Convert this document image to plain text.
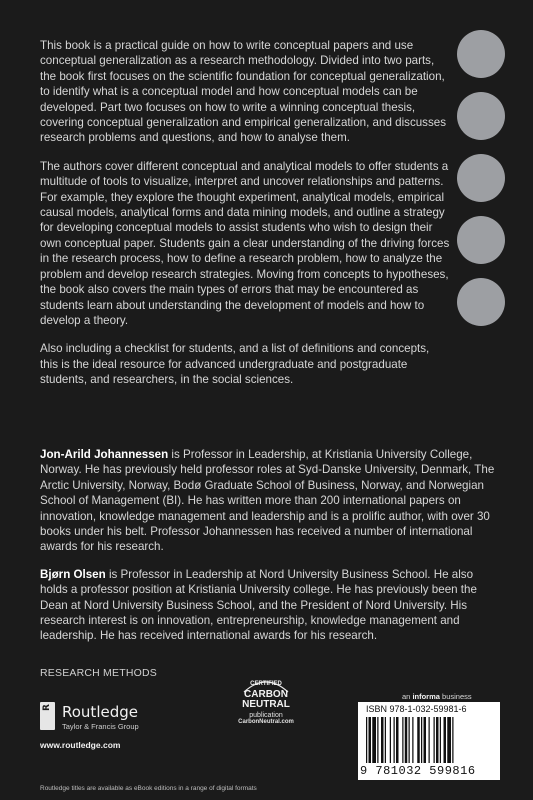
This book is a practical guide on how to write conceptual papers and use conceptual generalization as a research methodology. Divided into two parts, the book first focuses on the scientific foundation for conceptual generalization, to identify what is a conceptual model and how conceptual models can be developed. Part two focuses on how to write a winning conceptual thesis, covering conceptual generalization and empirical generalization, and discusses research problems and questions, and how to analyse them.

The authors cover different conceptual and analytical models to offer students a multitude of tools to visualize, interpret and uncover relationships and patterns. For example, they explore the thought experiment, analytical models, empirical causal models, analytical forms and data mining models, and outline a strategy for developing conceptual models to assist students who wish to design their own conceptual paper. Students gain a clear understanding of the driving forces in the research process, how to define a research problem, how to analyze the problem and develop research strategies. Moving from concepts to hypotheses, the book also covers the main types of errors that may be encountered as students learn about understanding the development of models and how to develop a theory.

Also including a checklist for students, and a list of definitions and concepts, this is the ideal resource for advanced undergraduate and postgraduate students, and researchers, in the social sciences.

Jon-Arild Johannessen is Professor in Leadership, at Kristiania University College, Norway. He has previously held professor roles at Syd-Danske University, Denmark, The Arctic University, Norway, Bodø Graduate School of Business, Norway, and Norwegian School of Management (BI). He has written more than 200 international papers on innovation, knowledge management and leadership and is a prolific author, with over 30 books under his belt. Professor Johannessen has received a number of international awards for his research.

Bjørn Olsen is Professor in Leadership at Nord University Business School. He also holds a professor position at Kristiania University college. He has previously been the Dean at Nord University Business School, and the President of Nord University. His research interest is on innovation, entrepreneurship, knowledge management and leadership. He has received international awards for his research.

RESEARCH METHODS
R Routledge
Taylor & Francis Group
www.routledge.com
CERTIFIED
CARBON
NEUTRAL
publication
CarbonNeutral.com
an informa business
ISBN 978-1-032-59981-6
9 781032 599816
Routledge titles are available as eBook editions in a range of digital formats
